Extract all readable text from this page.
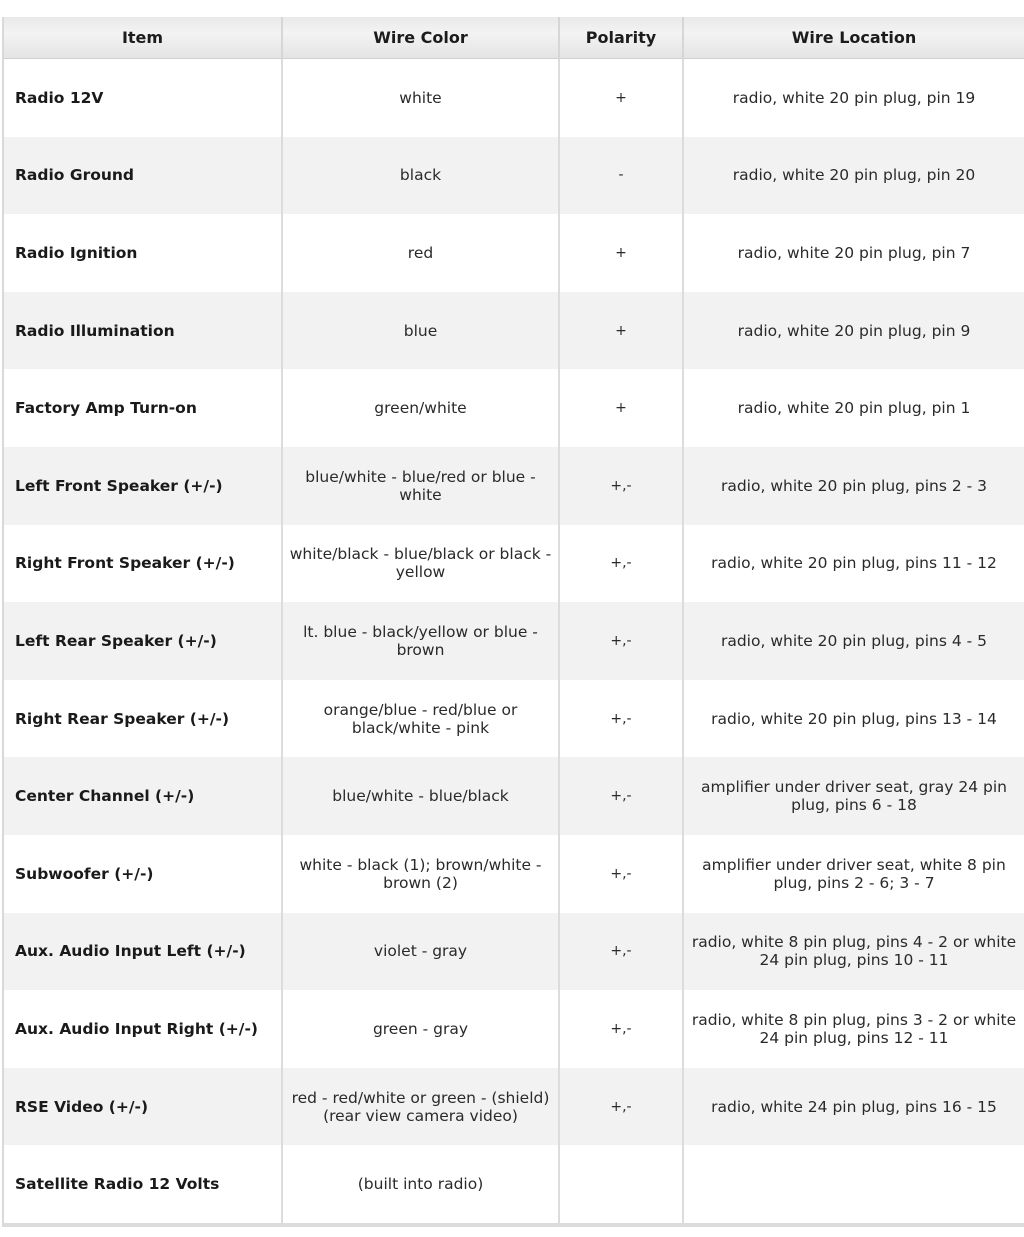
Item	Wire Color	Polarity	Wire Location
Radio 12V	white	+	radio, white 20 pin plug, pin 19
Radio Ground	black	-	radio, white 20 pin plug, pin 20
Radio Ignition	red	+	radio, white 20 pin plug, pin 7
Radio Illumination	blue	+	radio, white 20 pin plug, pin 9
Factory Amp Turn-on	green/white	+	radio, white 20 pin plug, pin 1
Left Front Speaker (+/-)	blue/white - blue/red or blue - white	+,-	radio, white 20 pin plug, pins 2 - 3
Right Front Speaker (+/-)	white/black - blue/black or black - yellow	+,-	radio, white 20 pin plug, pins 11 - 12
Left Rear Speaker (+/-)	lt. blue - black/yellow or blue - brown	+,-	radio, white 20 pin plug, pins 4 - 5
Right Rear Speaker (+/-)	orange/blue - red/blue or black/white - pink	+,-	radio, white 20 pin plug, pins 13 - 14
Center Channel (+/-)	blue/white - blue/black	+,-	amplifier under driver seat, gray 24 pin plug, pins 6 - 18
Subwoofer (+/-)	white - black (1); brown/white - brown (2)	+,-	amplifier under driver seat, white 8 pin plug, pins 2 - 6; 3 - 7
Aux. Audio Input Left (+/-)	violet - gray	+,-	radio, white 8 pin plug, pins 4 - 2 or white 24 pin plug, pins 10 - 11
Aux. Audio Input Right (+/-)	green - gray	+,-	radio, white 8 pin plug, pins 3 - 2 or white 24 pin plug, pins 12 - 11
RSE Video (+/-)	red - red/white or green - (shield) (rear view camera video)	+,-	radio, white 24 pin plug, pins 16 - 15
Satellite Radio 12 Volts	(built into radio)		
